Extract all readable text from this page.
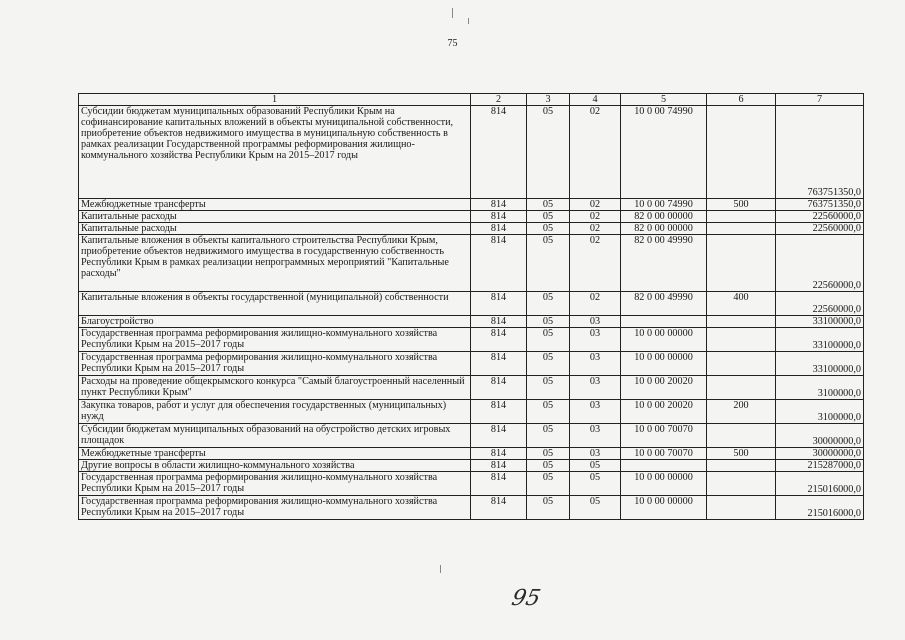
75
1	2	3	4	5	6	7
Субсидии бюджетам муниципальных образований Республики Крым на софинансирование капитальных вложений в объекты муниципальной собственности, приобретение объектов недвижимого имущества в муниципальную собственность в рамках реализации Государственной программы реформирования жилищно-коммунального хозяйства Республики Крым на 2015–2017 годы	814	05	02	10 0 00 74990		763751350,0
Межбюджетные трансферты	814	05	02	10 0 00 74990	500	763751350,0
Капитальные расходы	814	05	02	82 0 00 00000		22560000,0
Капитальные расходы	814	05	02	82 0 00 00000		22560000,0
Капитальные вложения в объекты капитального строительства Республики Крым, приобретение объектов недвижимого имущества в государственную собственность Республики Крым в рамках реализации непрограммных мероприятий "Капитальные расходы"	814	05	02	82 0 00 49990		22560000,0
Капитальные вложения в объекты государственной (муниципальной) собственности	814	05	02	82 0 00 49990	400	22560000,0
Благоустройство	814	05	03			33100000,0
Государственная программа реформирования жилищно-коммунального хозяйства Республики Крым на 2015–2017 годы	814	05	03	10 0 00 00000		33100000,0
Государственная программа реформирования жилищно-коммунального хозяйства Республики Крым на 2015–2017 годы	814	05	03	10 0 00 00000		33100000,0
Расходы на проведение общекрымского конкурса "Самый благоустроенный населенный пункт Республики Крым"	814	05	03	10 0 00 20020		3100000,0
Закупка товаров, работ и услуг для обеспечения государственных (муниципальных) нужд	814	05	03	10 0 00 20020	200	3100000,0
Субсидии бюджетам муниципальных образований на обустройство детских игровых площадок	814	05	03	10 0 00 70070		30000000,0
Межбюджетные трансферты	814	05	03	10 0 00 70070	500	30000000,0
Другие вопросы в области жилищно-коммунального хозяйства	814	05	05			215287000,0
Государственная программа реформирования жилищно-коммунального хозяйства Республики Крым на 2015–2017 годы	814	05	05	10 0 00 00000		215016000,0
Государственная программа реформирования жилищно-коммунального хозяйства Республики Крым на 2015–2017 годы	814	05	05	10 0 00 00000		215016000,0
95
